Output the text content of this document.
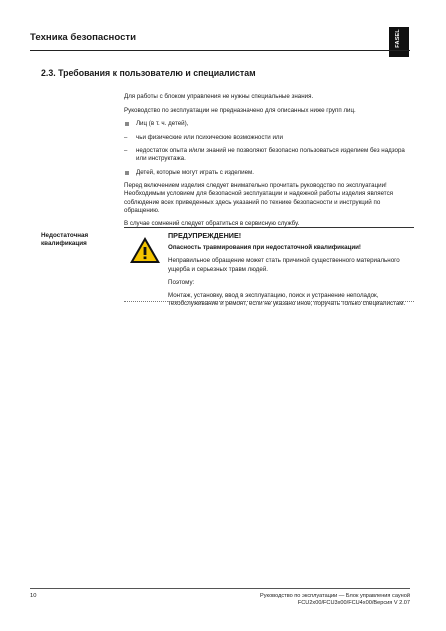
Техника безопасности	FASEL
2.3. Требования к пользователю и специалистам

Для работы с блоком управления не нужны специальные знания.

Руководство по эксплуатации не предназначено для описанных ниже групп лиц.

Лиц (в т. ч. детей),
– чьи физические или психические возможности или
– недостаток опыта и/или знаний не позволяют безопасно пользоваться изделием без надзора или инструктажа.
Детей, которые могут играть с изделием.

Перед включением изделия следует внимательно прочитать руководство по эксплуатации! Необходимым условием для безопасной эксплуатации и надежной работы изделия является соблюдение всех приведенных здесь указаний по технике безопасности и инструкций по обращению.

В случае сомнений следует обратиться в сервисную службу.

Недостаточная квалификация
ПРЕДУПРЕЖДЕНИЕ!
Опасность травмирования при недостаточной квалификации!

Неправильное обращение может стать причиной существенного материального ущерба и серьезных травм людей.

Поэтому:

Монтаж, установку, ввод в эксплуатацию, поиск и устранение неполадок, техобслуживание и ремонт, если не указано иное, поручать только специалистам.

10	Руководство по эксплуатации — Блок управления сауной
FCU2x00/FCU3x00/FCU4x00/Версия V 2.07
